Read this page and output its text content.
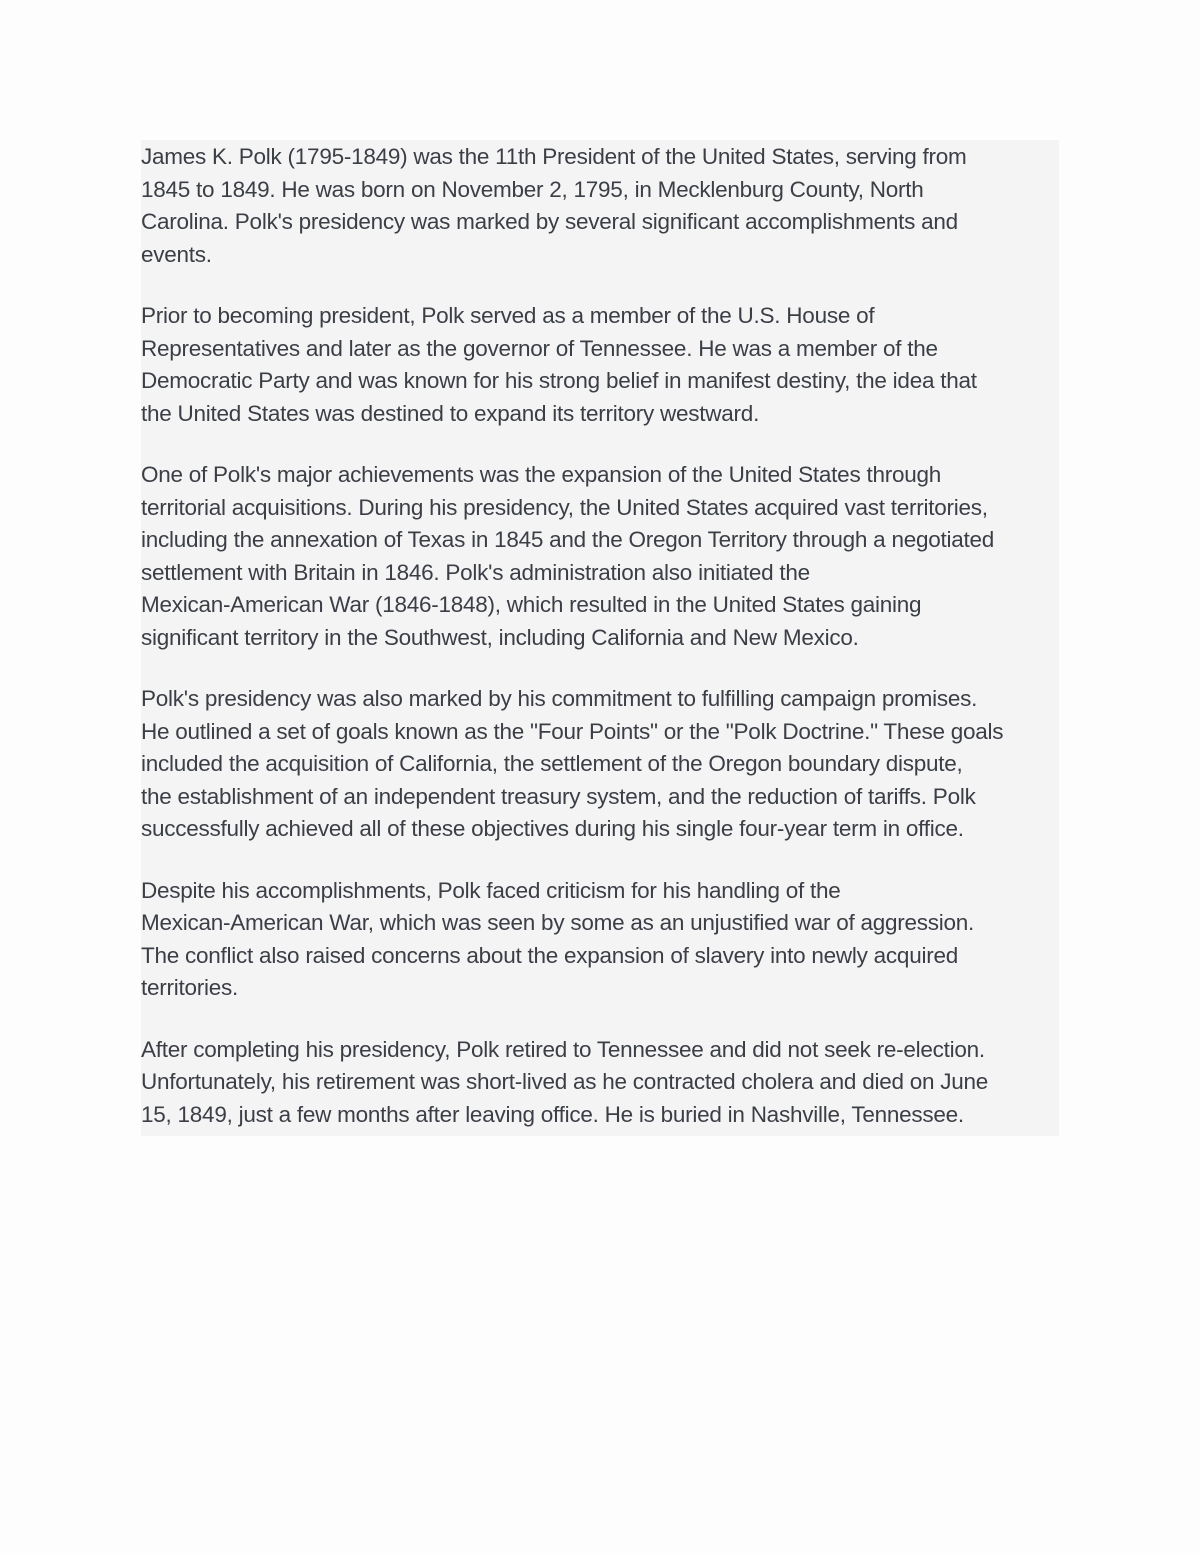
James K. Polk (1795-1849) was the 11th President of the United States, serving from
1845 to 1849. He was born on November 2, 1795, in Mecklenburg County, North
Carolina. Polk's presidency was marked by several significant accomplishments and
events.

Prior to becoming president, Polk served as a member of the U.S. House of
Representatives and later as the governor of Tennessee. He was a member of the
Democratic Party and was known for his strong belief in manifest destiny, the idea that
the United States was destined to expand its territory westward.

One of Polk's major achievements was the expansion of the United States through
territorial acquisitions. During his presidency, the United States acquired vast territories,
including the annexation of Texas in 1845 and the Oregon Territory through a negotiated
settlement with Britain in 1846. Polk's administration also initiated the
Mexican-American War (1846-1848), which resulted in the United States gaining
significant territory in the Southwest, including California and New Mexico.

Polk's presidency was also marked by his commitment to fulfilling campaign promises.
He outlined a set of goals known as the "Four Points" or the "Polk Doctrine." These goals
included the acquisition of California, the settlement of the Oregon boundary dispute,
the establishment of an independent treasury system, and the reduction of tariffs. Polk
successfully achieved all of these objectives during his single four-year term in office.

Despite his accomplishments, Polk faced criticism for his handling of the
Mexican-American War, which was seen by some as an unjustified war of aggression.
The conflict also raised concerns about the expansion of slavery into newly acquired
territories.

After completing his presidency, Polk retired to Tennessee and did not seek re-election.
Unfortunately, his retirement was short-lived as he contracted cholera and died on June
15, 1849, just a few months after leaving office. He is buried in Nashville, Tennessee.
